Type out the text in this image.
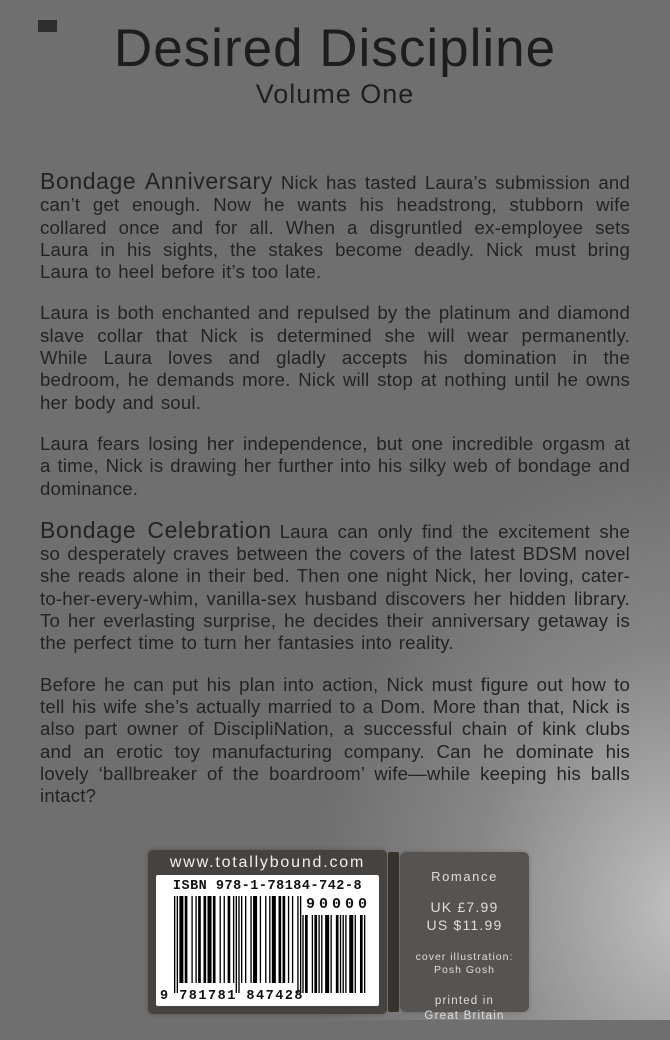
Desired Discipline
Volume One

Bondage Anniversary Nick has tasted Laura’s submission and can’t get enough. Now he wants his headstrong, stubborn wife collared once and for all. When a disgruntled ex-employee sets Laura in his sights, the stakes become deadly. Nick must bring Laura to heel before it’s too late.

Laura is both enchanted and repulsed by the platinum and diamond slave collar that Nick is determined she will wear permanently. While Laura loves and gladly accepts his domination in the bedroom, he demands more. Nick will stop at nothing until he owns her body and soul.

Laura fears losing her independence, but one incredible orgasm at a time, Nick is drawing her further into his silky web of bondage and dominance.

Bondage Celebration Laura can only find the excitement she so desperately craves between the covers of the latest BDSM novel she reads alone in their bed. Then one night Nick, her loving, cater-to-her-every-whim, vanilla-sex husband discovers her hidden library. To her everlasting surprise, he decides their anniversary getaway is the perfect time to turn her fantasies into reality.

Before he can put his plan into action, Nick must figure out how to tell his wife she’s actually married to a Dom. More than that, Nick is also part owner of DiscipliNation, a successful chain of kink clubs and an erotic toy manufacturing company. Can he dominate his lovely ‘ballbreaker of the boardroom’ wife—while keeping his balls intact?

www.totallybound.com
ISBN 978-1-78184-742-8
90000
9 781781 847428
Romance
UK £7.99
US $11.99
cover illustration:
Posh Gosh
printed in
Great Britain
